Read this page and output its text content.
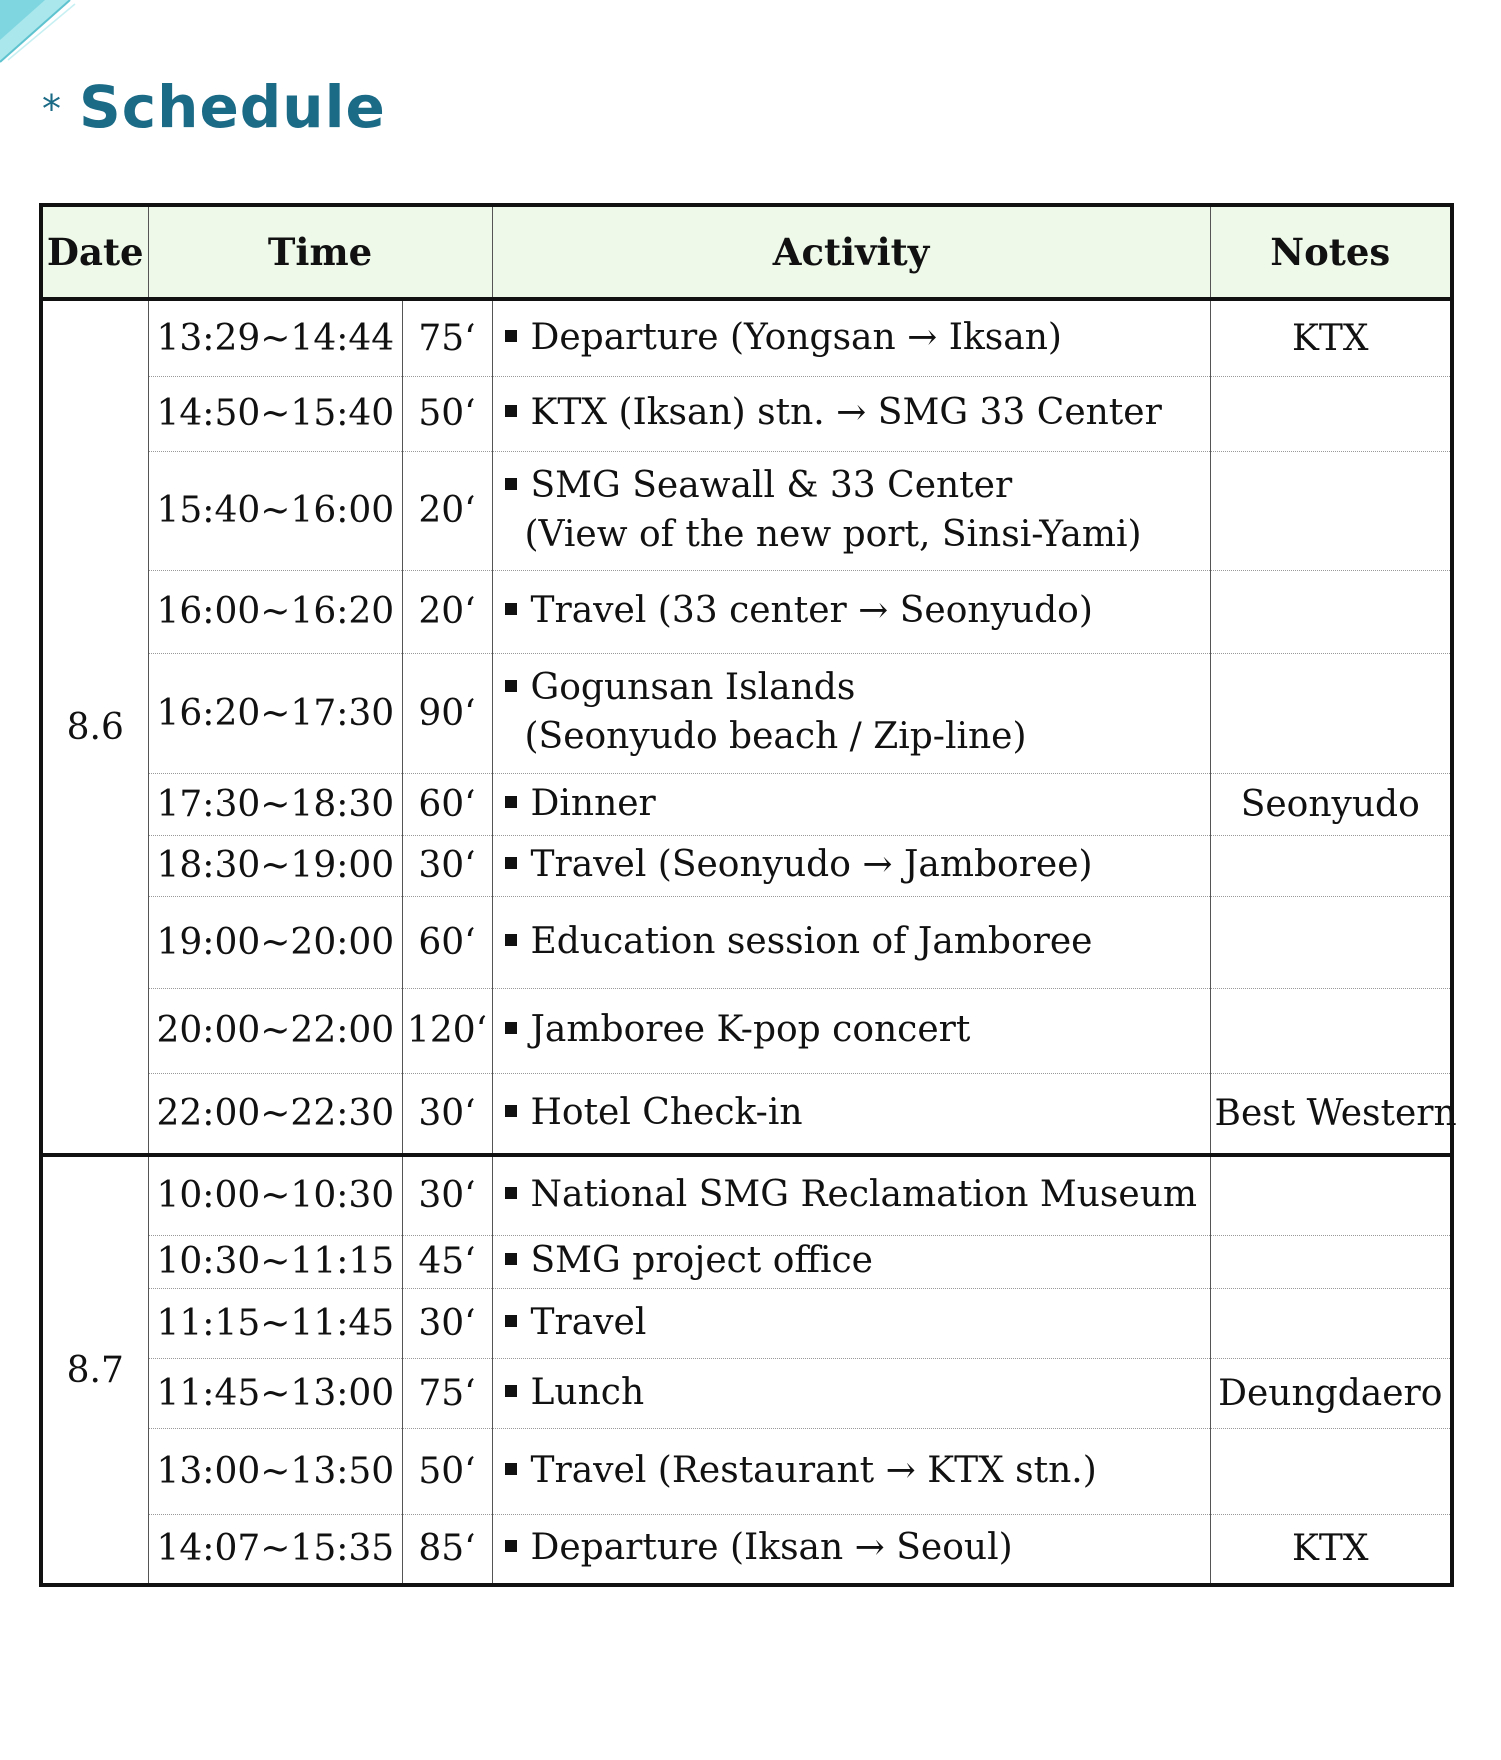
* Schedule
Date	Time		Activity	Notes
8.6	13:29~14:44	75‘	Departure (Yongsan → Iksan)	KTX
	14:50~15:40	50‘	KTX (Iksan) stn. → SMG 33 Center	
	15:40~16:00	20‘	SMG Seawall & 33 Center
(View of the new port, Sinsi-Yami)	

	16:00~16:20	20‘	Travel (33 center → Seonyudo)	
	16:20~17:30	90‘	Gogunsan Islands
(Seonyudo beach / Zip-line)	

	17:30~18:30	60‘	Dinner	Seonyudo
	18:30~19:00	30‘	Travel (Seonyudo → Jamboree)	
	19:00~20:00	60‘	Education session of Jamboree	
	20:00~22:00	120‘	Jamboree K-pop concert	
	22:00~22:30	30‘	Hotel Check-in	Best Western
8.7	10:00~10:30	30‘	National SMG Reclamation Museum	
	10:30~11:15	45‘	SMG project office	
	11:15~11:45	30‘	Travel	
	11:45~13:00	75‘	Lunch	Deungdaero
	13:00~13:50	50‘	Travel (Restaurant → KTX stn.)	
	14:07~15:35	85‘	Departure (Iksan → Seoul)	KTX
